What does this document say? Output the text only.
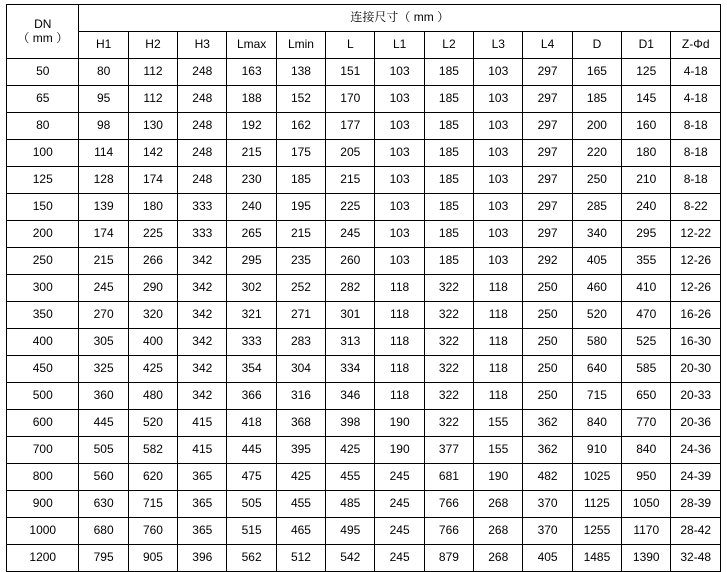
DN
（ mm ）	连接尺寸（ mm ）												
	H1	H2	H3	Lmax	Lmin	L	L1	L2	L3	L4	D	D1	Z-Φd
50	80	112	248	163	138	151	103	185	103	297	165	125	4-18
65	95	112	248	188	152	170	103	185	103	297	185	145	4-18
80	98	130	248	192	162	177	103	185	103	297	200	160	8-18
100	114	142	248	215	175	205	103	185	103	297	220	180	8-18
125	128	174	248	230	185	215	103	185	103	297	250	210	8-18
150	139	180	333	240	195	225	103	185	103	297	285	240	8-22
200	174	225	333	265	215	245	103	185	103	297	340	295	12-22
250	215	266	342	295	235	260	103	185	103	292	405	355	12-26
300	245	290	342	302	252	282	118	322	118	250	460	410	12-26
350	270	320	342	321	271	301	118	322	118	250	520	470	16-26
400	305	400	342	333	283	313	118	322	118	250	580	525	16-30
450	325	425	342	354	304	334	118	322	118	250	640	585	20-30
500	360	480	342	366	316	346	118	322	118	250	715	650	20-33
600	445	520	415	418	368	398	190	322	155	362	840	770	20-36
700	505	582	415	445	395	425	190	377	155	362	910	840	24-36
800	560	620	365	475	425	455	245	681	190	482	1025	950	24-39
900	630	715	365	505	455	485	245	766	268	370	1125	1050	28-39
1000	680	760	365	515	465	495	245	766	268	370	1255	1170	28-42
1200	795	905	396	562	512	542	245	879	268	405	1485	1390	32-48
